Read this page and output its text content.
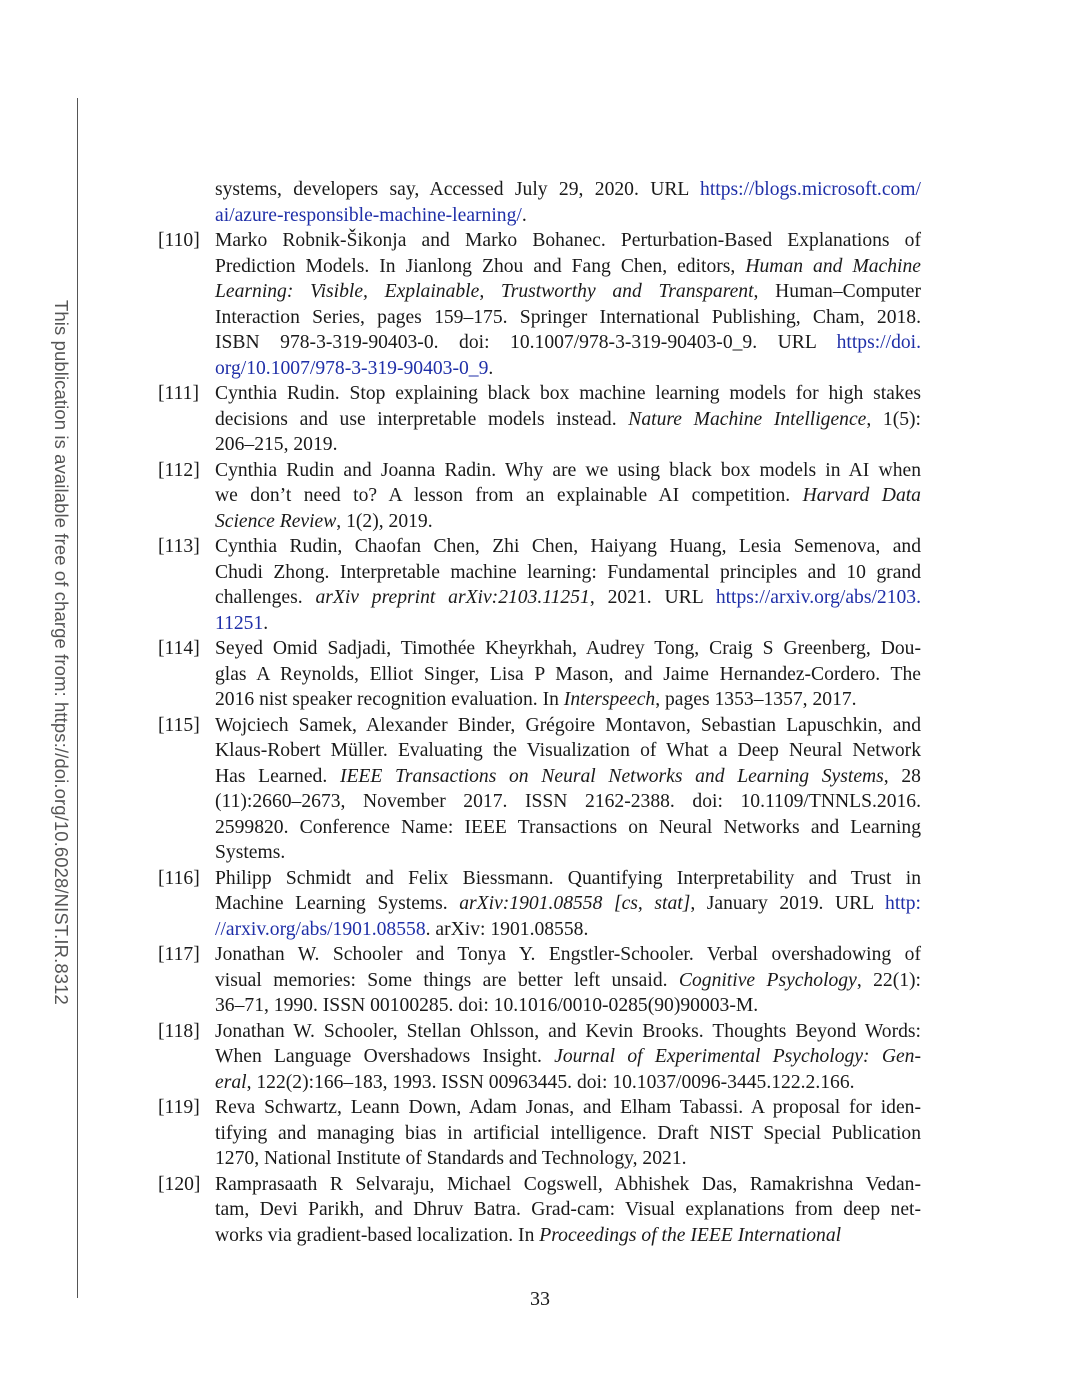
This publication is available free of charge from: https://doi.org/10.6028/NIST.IR.8312
systems, developers say, Accessed July 29, 2020. URL https://blogs.microsoft.com/
ai/azure-responsible-machine-learning/.
[110] Marko Robnik-Šikonja and Marko Bohanec. Perturbation-Based Explanations of
Prediction Models. In Jianlong Zhou and Fang Chen, editors, Human and Machine
Learning: Visible, Explainable, Trustworthy and Transparent, Human–Computer
Interaction Series, pages 159–175. Springer International Publishing, Cham, 2018.
ISBN 978-3-319-90403-0. doi: 10.1007/978-3-319-90403-0_9. URL https://doi.
org/10.1007/978-3-319-90403-0_9.
[111] Cynthia Rudin. Stop explaining black box machine learning models for high stakes
decisions and use interpretable models instead. Nature Machine Intelligence, 1(5):
206–215, 2019.
[112] Cynthia Rudin and Joanna Radin. Why are we using black box models in AI when
we don’t need to? A lesson from an explainable AI competition. Harvard Data
Science Review, 1(2), 2019.
[113] Cynthia Rudin, Chaofan Chen, Zhi Chen, Haiyang Huang, Lesia Semenova, and
Chudi Zhong. Interpretable machine learning: Fundamental principles and 10 grand
challenges. arXiv preprint arXiv:2103.11251, 2021. URL https://arxiv.org/abs/2103.
11251.
[114] Seyed Omid Sadjadi, Timothée Kheyrkhah, Audrey Tong, Craig S Greenberg, Dou-
glas A Reynolds, Elliot Singer, Lisa P Mason, and Jaime Hernandez-Cordero. The
2016 nist speaker recognition evaluation. In Interspeech, pages 1353–1357, 2017.
[115] Wojciech Samek, Alexander Binder, Grégoire Montavon, Sebastian Lapuschkin, and
Klaus-Robert Müller. Evaluating the Visualization of What a Deep Neural Network
Has Learned. IEEE Transactions on Neural Networks and Learning Systems, 28
(11):2660–2673, November 2017. ISSN 2162-2388. doi: 10.1109/TNNLS.2016.
2599820. Conference Name: IEEE Transactions on Neural Networks and Learning
Systems.
[116] Philipp Schmidt and Felix Biessmann. Quantifying Interpretability and Trust in
Machine Learning Systems. arXiv:1901.08558 [cs, stat], January 2019. URL http:
//arxiv.org/abs/1901.08558. arXiv: 1901.08558.
[117] Jonathan W. Schooler and Tonya Y. Engstler-Schooler. Verbal overshadowing of
visual memories: Some things are better left unsaid. Cognitive Psychology, 22(1):
36–71, 1990. ISSN 00100285. doi: 10.1016/0010-0285(90)90003-M.
[118] Jonathan W. Schooler, Stellan Ohlsson, and Kevin Brooks. Thoughts Beyond Words:
When Language Overshadows Insight. Journal of Experimental Psychology: Gen-
eral, 122(2):166–183, 1993. ISSN 00963445. doi: 10.1037/0096-3445.122.2.166.
[119] Reva Schwartz, Leann Down, Adam Jonas, and Elham Tabassi. A proposal for iden-
tifying and managing bias in artificial intelligence. Draft NIST Special Publication
1270, National Institute of Standards and Technology, 2021.
[120] Ramprasaath R Selvaraju, Michael Cogswell, Abhishek Das, Ramakrishna Vedan-
tam, Devi Parikh, and Dhruv Batra. Grad-cam: Visual explanations from deep net-
works via gradient-based localization. In Proceedings of the IEEE International
33
